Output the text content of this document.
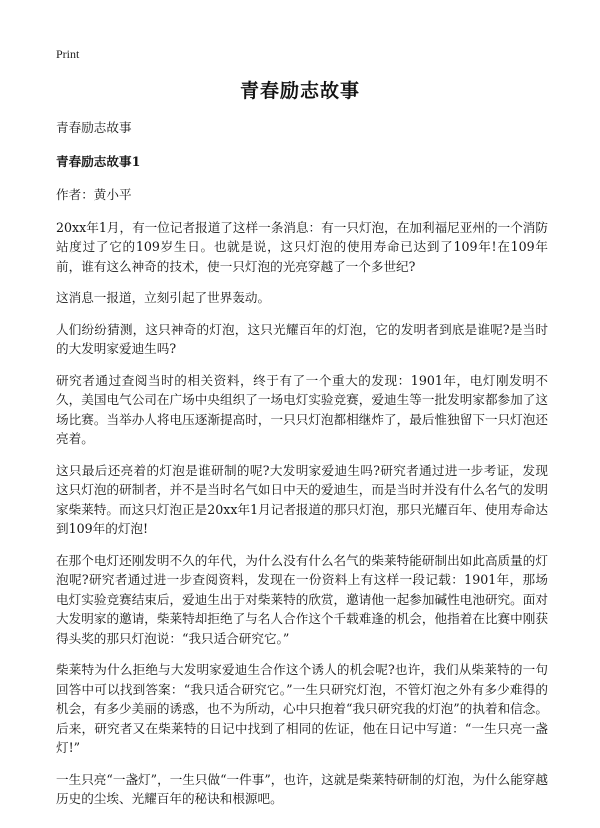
Print
青春励志故事

青春励志故事

青春励志故事1

作者：黄小平

20xx年1月，有一位记者报道了这样一条消息：有一只灯泡，在加利福尼亚州的一个消防站度过了它的109岁生日。也就是说，这只灯泡的使用寿命已达到了109年!在109年前，谁有这么神奇的技术，使一只灯泡的光亮穿越了一个多世纪?

这消息一报道，立刻引起了世界轰动。

人们纷纷猜测，这只神奇的灯泡，这只光耀百年的灯泡，它的发明者到底是谁呢?是当时的大发明家爱迪生吗?

研究者通过查阅当时的相关资料，终于有了一个重大的发现：1901年，电灯刚发明不久，美国电气公司在广场中央组织了一场电灯实验竞赛，爱迪生等一批发明家都参加了这场比赛。当举办人将电压逐渐提高时，一只只灯泡都相继炸了，最后惟独留下一只灯泡还亮着。

这只最后还亮着的灯泡是谁研制的呢?大发明家爱迪生吗?研究者通过进一步考证，发现这只灯泡的研制者，并不是当时名气如日中天的爱迪生，而是当时并没有什么名气的发明家柴莱特。而这只灯泡正是20xx年1月记者报道的那只灯泡，那只光耀百年、使用寿命达到109年的灯泡!

在那个电灯还刚发明不久的年代，为什么没有什么名气的柴莱特能研制出如此高质量的灯泡呢?研究者通过进一步查阅资料，发现在一份资料上有这样一段记载：1901年，那场电灯实验竞赛结束后，爱迪生出于对柴莱特的欣赏，邀请他一起参加碱性电池研究。面对大发明家的邀请，柴莱特却拒绝了与名人合作这个千载难逢的机会，他指着在比赛中刚获得头奖的那只灯泡说：“我只适合研究它。”

柴莱特为什么拒绝与大发明家爱迪生合作这个诱人的机会呢?也许，我们从柴莱特的一句回答中可以找到答案：“我只适合研究它。”一生只研究灯泡，不管灯泡之外有多少难得的机会，有多少美丽的诱惑，也不为所动，心中只抱着“我只研究我的灯泡”的执着和信念。后来，研究者又在柴莱特的日记中找到了相同的佐证，他在日记中写道：“一生只亮一盏灯!”

一生只亮“一盏灯”，一生只做“一件事”，也许，这就是柴莱特研制的灯泡，为什么能穿越历史的尘埃、光耀百年的秘诀和根源吧。
